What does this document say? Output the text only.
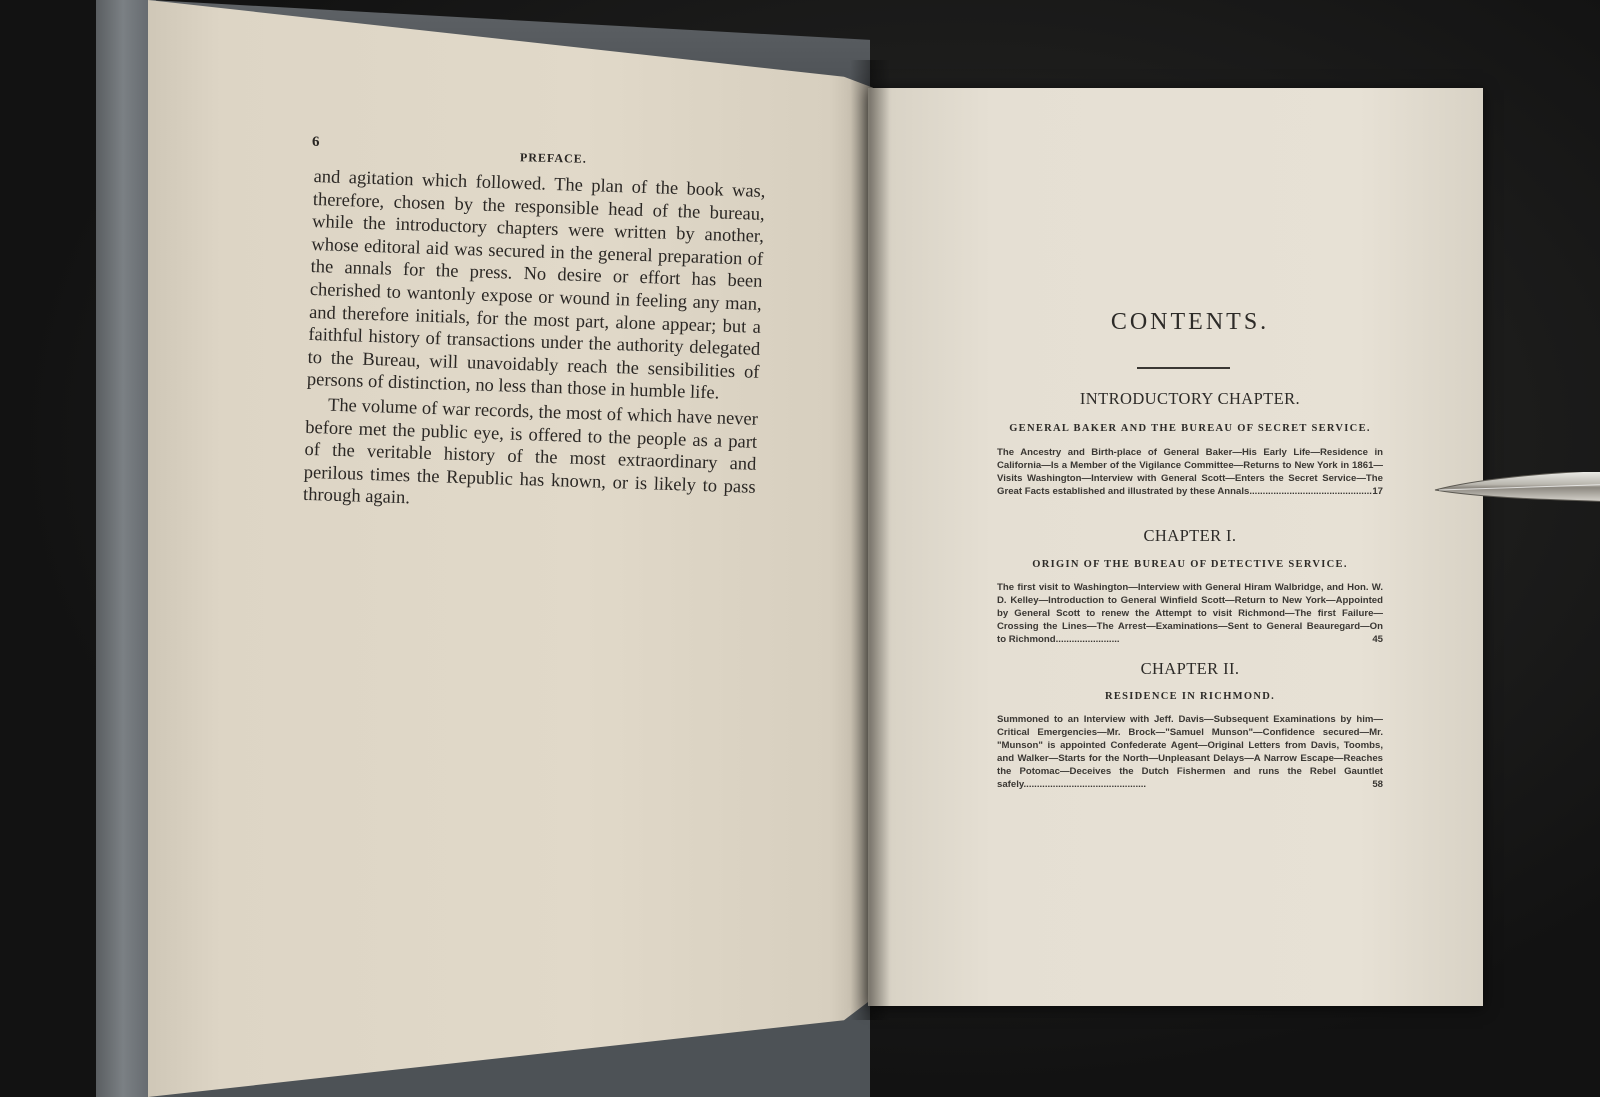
6
PREFACE.

and agitation which followed. The plan of the book was, therefore, chosen by the responsible head of the bureau, while the introductory chapters were written by another, whose editoral aid was secured in the general preparation of the annals for the press. No desire or effort has been cherished to wantonly expose or wound in feeling any man, and therefore initials, for the most part, alone appear; but a faithful history of transactions under the authority delegated to the Bureau, will unavoidably reach the sensibilities of persons of distinction, no less than those in humble life.

The volume of war records, the most of which have never before met the public eye, is offered to the people as a part of the veritable history of the most extraordinary and perilous times the Republic has known, or is likely to pass through again.

CONTENTS.
INTRODUCTORY CHAPTER.
GENERAL BAKER AND THE BUREAU OF SECRET SERVICE.
The Ancestry and Birth-place of General Baker—His Early Life—Residence in California—Is a Member of the Vigilance Committee—Returns to New York in 1861—Visits Washington—Interview with General Scott—Enters the Secret Service—The Great Facts established and illustrated by these Annals.............................................. 17
CHAPTER I.
ORIGIN OF THE BUREAU OF DETECTIVE SERVICE.
The first visit to Washington—Interview with General Hiram Walbridge, and Hon. W. D. Kelley—Introduction to General Winfield Scott—Return to New York—Appointed by General Scott to renew the Attempt to visit Richmond—The first Failure—Crossing the Lines—The Arrest—Examinations—Sent to General Beauregard—On to Richmond........................	45
CHAPTER II.
RESIDENCE IN RICHMOND.
Summoned to an Interview with Jeff. Davis—Subsequent Examinations by him—Critical Emergencies—Mr. Brock—"Samuel Munson"—Confidence secured—Mr. "Munson" is appointed Confederate Agent—Original Letters from Davis, Toombs, and Walker—Starts for the North—Unpleasant Delays—A Narrow Escape—Reaches the Potomac—Deceives the Dutch Fishermen and runs the Rebel Gauntlet safely..............................................	58
